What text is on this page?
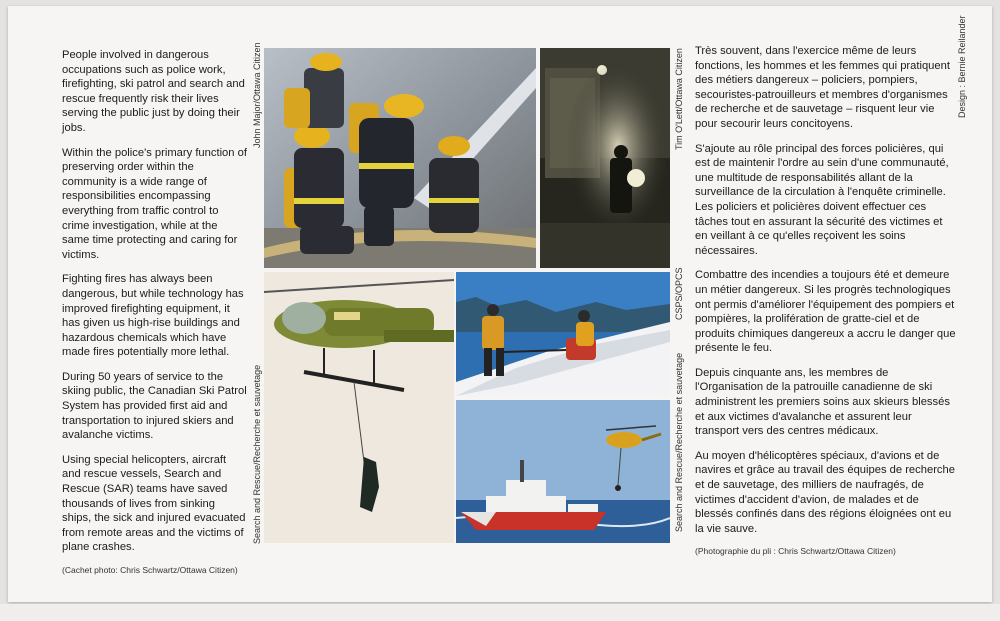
People involved in dangerous occupations such as police work, firefighting, ski patrol and search and rescue frequently risk their lives serving the public just by doing their jobs.

Within the police's primary function of preserving order within the community is a wide range of responsibilities encompassing everything from traffic control to crime investigation, while at the same time protecting and caring for victims.

Fighting fires has always been dangerous, but while technology has improved firefighting equipment, it has given us high-rise buildings and hazardous chemicals which have made fires potentially more lethal.

During 50 years of service to the skiing public, the Canadian Ski Patrol System has provided first aid and transportation to injured skiers and avalanche victims.

Using special helicopters, aircraft and rescue vessels, Search and Rescue (SAR) teams have saved thousands of lives from sinking ships, the sick and injured evacuated from remote areas and the victims of plane crashes.

(Cachet photo: Chris Schwartz/Ottawa Citizen)

Très souvent, dans l'exercice même de leurs fonctions, les hommes et les femmes qui pratiquent des métiers dangereux – policiers, pompiers, secouristes-patrouilleurs et membres d'organismes de recherche et de sauvetage – risquent leur vie pour secourir leurs concitoyens.

S'ajoute au rôle principal des forces policières, qui est de maintenir l'ordre au sein d'une communauté, une multitude de responsabilités allant de la surveillance de la circulation à l'enquête criminelle. Les policiers et policières doivent effectuer ces tâches tout en assurant la sécurité des victimes et en veillant à ce qu'elles reçoivent les soins nécessaires.

Combattre des incendies a toujours été et demeure un métier dangereux. Si les progrès technologiques ont permis d'améliorer l'équipement des pompiers et pompières, la prolifération de gratte-ciel et de produits chimiques dangereux a accru le danger que présente le feu.

Depuis cinquante ans, les membres de l'Organisation de la patrouille canadienne de ski administrent les premiers soins aux skieurs blessés et aux victimes d'avalanche et assurent leur transport vers des centres médicaux.

Au moyen d'hélicoptères spéciaux, d'avions et de navires et grâce au travail des équipes de recherche et de sauvetage, des milliers de naufragés, de victimes d'accident d'avion, de malades et de blessés confinés dans des régions éloignées ont eu la vie sauve.

(Photographie du pli : Chris Schwartz/Ottawa Citizen)
John Major/Ottawa Citizen	Tim O'Lett/Ottawa Citizen
CSPS/OPCS
Search and Rescue/Recherche et sauvetage	Search and Rescue/Recherche et sauvetage
Design : Bernie Reilander
